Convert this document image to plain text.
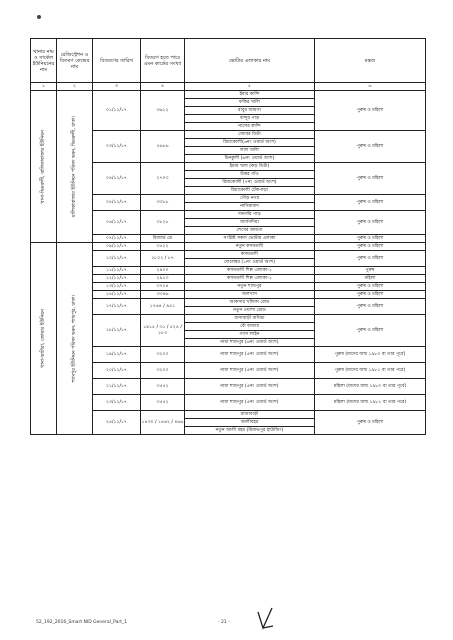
থানার নাম ও সার্কেল ইউনিয়নের নাম	রেজিস্ট্রেশন ও বিতরণ কেন্দ্রের নাম	বিতরণের তারিখ	বিতরণ হতে পারে এমন কার্ডের সংখ্যা	ভোটার এলাকার নাম	মন্তব্য
১	২	৩	৪	৫	৬

থানা-ভিমরুলী, বালিকাবাজার ইউনিয়ন	মালিকাবাজার ইউনিয়ন পরিষদ ভবন, ভিমরুলী, ঢাকা।	০১/১২/১৭	৩৬১২	ইমার কান্দি	পুরুষ ও মহিলা
				ফকির খালি	
				রাবুর জায়গা	
				বান্দুর পাড়	
				নাসের কান্দি	
		০৩/১২/১৭	২৬৮৬	জোবর ডিটা	পুরুষ ও মহিলা
				রিয়াকোলী(৬নং ওয়ার্ড অংশ)	
				লাল খালি	
				চিনকুলী (৬নং ওয়ার্ড অংশ)	
		০৪/১২/১৭	২৭০৩	ইমাম খাল (কড় ডিটা)	পুরুষ ও মহিলা
				উত্তর গাঁও	
				রিয়াকোলী (৭নং ওয়ার্ড অংশ)	
				রিয়াকোলী টেকপাড়া	
		০৫/১২/১৭	৩৩৮৮	গৌড় নগর	পুরুষ ও মহিলা
				নাসিরাবাদ	
		০৬/১২/১৭	৩৮২৮	দানগাঁর পাড়	পুরুষ ও মহিলা
				জার্বগদিয়া	
				শেখের জায়গা	
		০৭/১২/১৭	রিজার্ভ ডে	সংশ্লিষ্ট সকল ভোটার এলাকা	পুরুষ ও মহিলা

থানা-ভাটারা, জোয়ার ইউনিয়ন	শ্যামপুর ইউনিয়ন পরিষদ ভবন, শ্যামপুর, ঢাকা।	০৯/১২/১৭	৩৫২২	নতুন কসমতলী	পুরুষ ও মহিলা
		১০/১২/১৭	১৮০২ / ৮৭	কসমতলী	পুরুষ ও মহিলা
				দোলেশ্বর (১নং ওয়ার্ড অংশ)	
		১১/১২/১৭	২৯০০	কসমতলী শিল্প এলাকা-১	পুরুষ
		১২/১২/১৭	২৯২৩	কসমতলী শিল্প এলাকা-১	মহিলা
		১৩/১২/১৭	৩৭২৪	নতুন শ্যামপুর	পুরুষ ও মহিলা
		১৪/১২/১৭	৩৩৪৬	জলখাস	পুরুষ ও মহিলা
		১৭/১২/১৭	১৭৬৪ / ৯৫১	আকসার খলিফা রোড	পুরুষ ও মহিলা
				নতুন ওয়াশা রোড	
		১৮/১২/১৭	১৯১৫ / ৩১ / ৫২৪ / ১৮৩	বাসাবাড়ী বাগিচা	পুরুষ ও মহিলা
				বৌ বাজার	
				গ্যাস লাইন	
				নামা শ্যামপুর (৬নং ওয়ার্ড অংশ)	
		১৯/১২/১৭	৩২০০	নামা শ্যামপুর (৫নং ওয়ার্ড অংশ)	পুরুষ (যাদের জন্ম ১৯৮০ বা তার পূর্বে)

		২০/১২/১৭	৩২০০	নামা শ্যামপুর (৫নং ওয়ার্ড অংশ)	পুরুষ (যাদের জন্ম ১৯৮১ বা তার পরে)

		২১/১২/১৭	৩৫৫২	নামা শ্যামপুর (৫নং ওয়ার্ড অংশ)	মহিলা (যাদের জন্ম ১৯৮০ বা তার পূর্বে)

		২৩/১২/১৭	৩৫৫২	নামা শ্যামপুর (৫নং ওয়ার্ড অংশ)	মহিলা (যাদের জন্ম ১৯৮১ বা তার পরে)

		২৪/১২/১৭	১৪৩০ / ১৪৬২ / ৪৬৬	রাজাবাড়ী	পুরুষ ও মহিলা
				আলীবহর	
				নতুন আলী বহর (রিজভপুর হাউজিং)	
52_192_2016_Smart NID General_Part_1	- 21 -
